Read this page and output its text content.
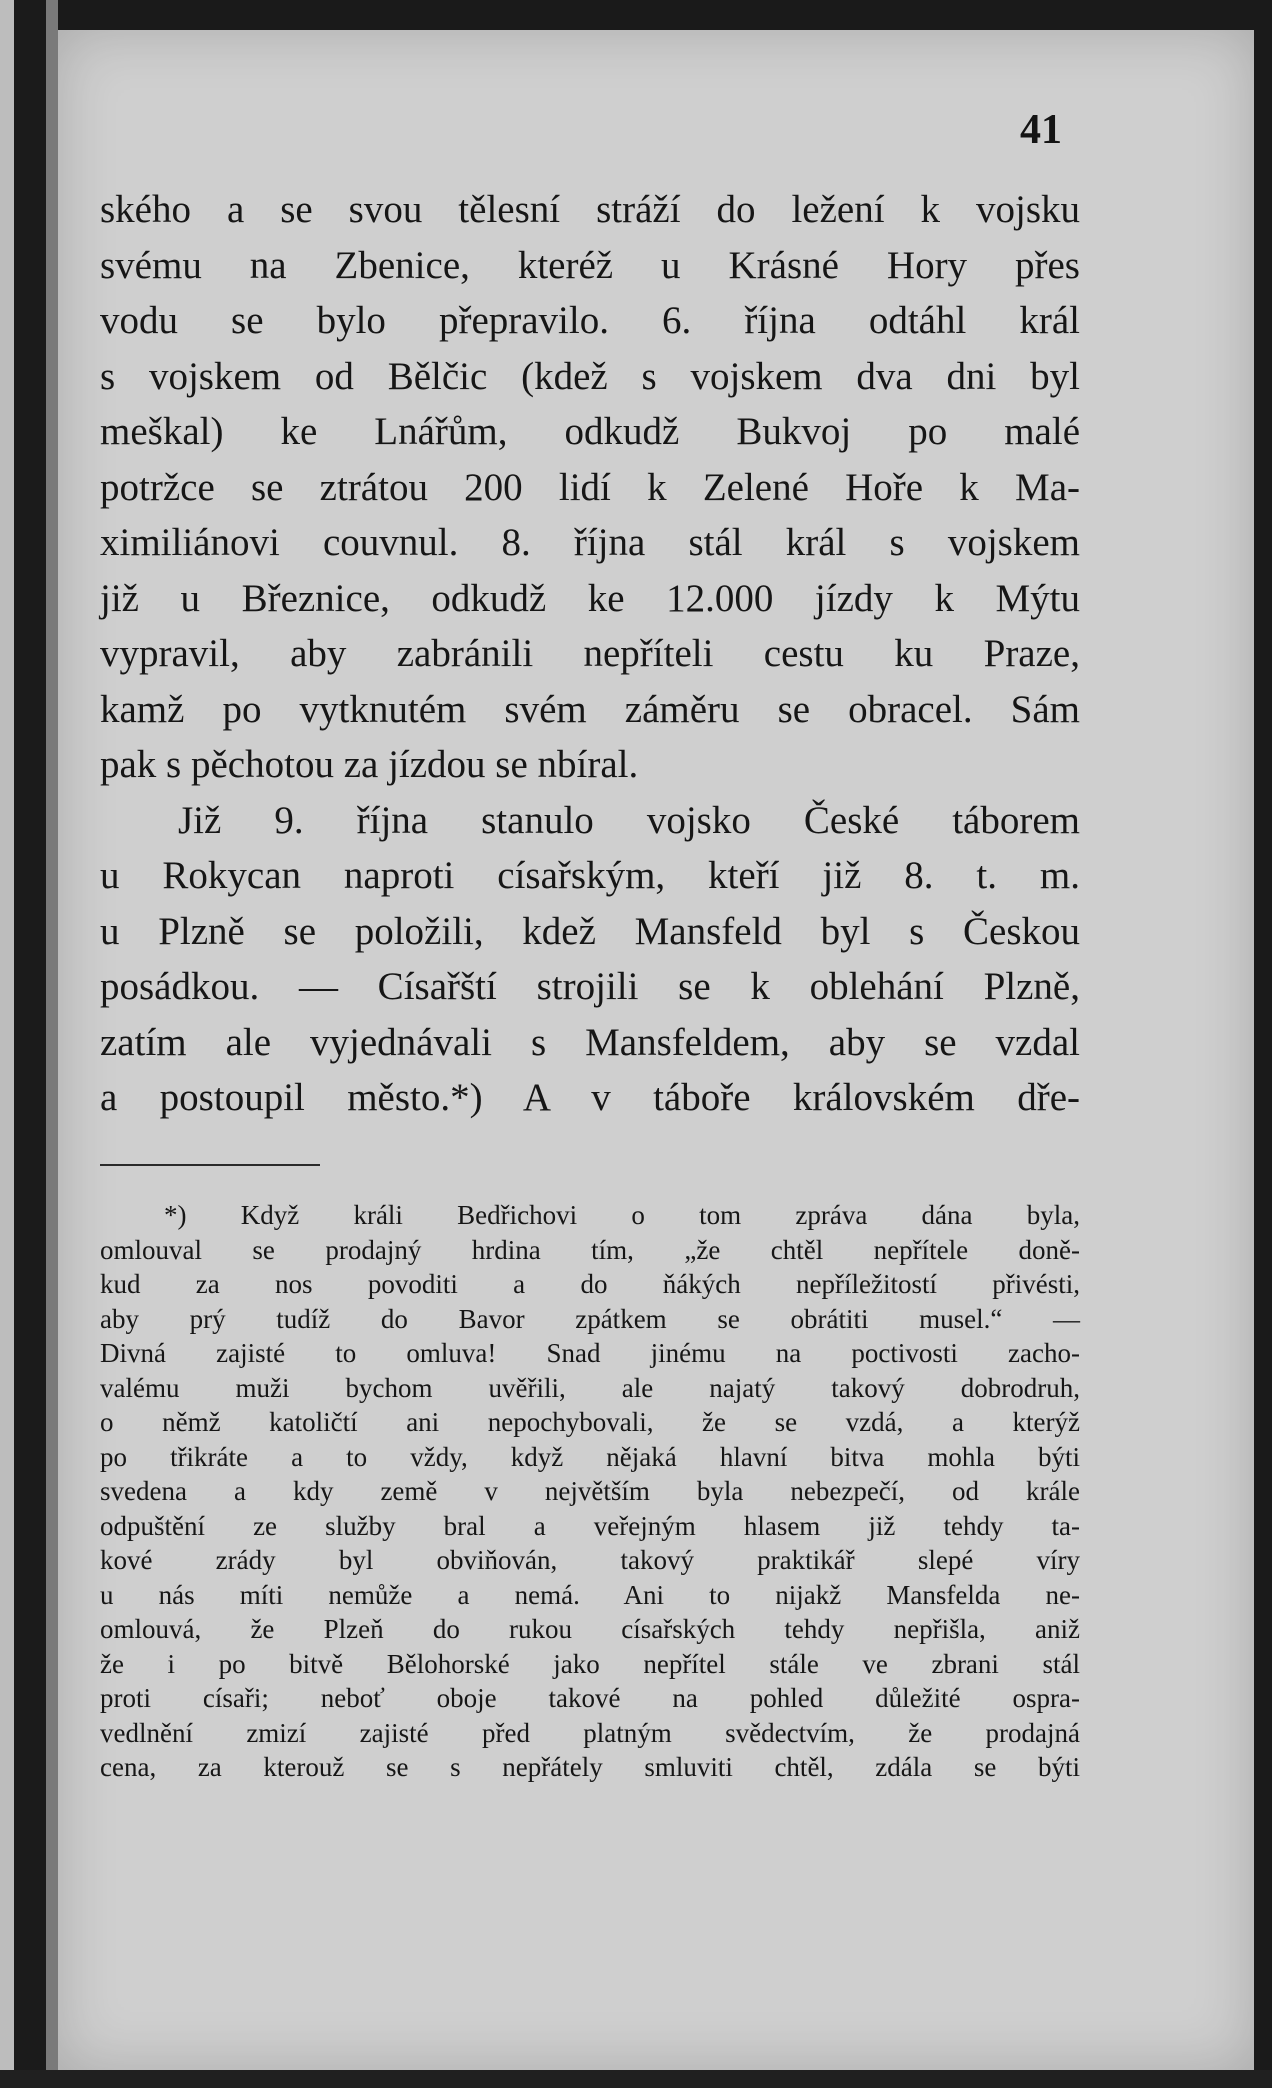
41
ského a se svou tělesní stráží do ležení k vojsku
svému na Zbenice, kteréž u Krásné Hory přes
vodu se bylo přepravilo. 6. října odtáhl král
s vojskem od Bělčic (kdež s vojskem dva dni byl
meškal) ke Lnářům, odkudž Bukvoj po malé
potržce se ztrátou 200 lidí k Zelené Hoře k Ma-
ximiliánovi couvnul. 8. října stál král s vojskem
již u Březnice, odkudž ke 12.000 jízdy k Mýtu
vypravil, aby zabránili nepříteli cestu ku Praze,
kamž po vytknutém svém záměru se obracel. Sám
pak s pěchotou za jízdou se nbíral.
Již 9. října stanulo vojsko České táborem
u Rokycan naproti císařským, kteří již 8. t. m.
u Plzně se položili, kdež Mansfeld byl s Českou
posádkou. — Císařští strojili se k oblehání Plzně,
zatím ale vyjednávali s Mansfeldem, aby se vzdal
a postoupil město.*) A v táboře královském dře-
*) Když králi Bedřichovi o tom zpráva dána byla,
omlouval se prodajný hrdina tím, „že chtěl nepřítele doně-
kud za nos povoditi a do ňákých nepříležitostí přivésti,
aby prý tudíž do Bavor zpátkem se obrátiti musel.“ —
Divná zajisté to omluva! Snad jinému na poctivosti zacho-
valému muži bychom uvěřili, ale najatý takový dobrodruh,
o němž katoličtí ani nepochybovali, že se vzdá, a kterýž
po třikráte a to vždy, když nějaká hlavní bitva mohla býti
svedena a kdy země v největším byla nebezpečí, od krále
odpuštění ze služby bral a veřejným hlasem již tehdy ta-
kové zrády byl obviňován, takový praktikář slepé víry
u nás míti nemůže a nemá. Ani to nijakž Mansfelda ne-
omlouvá, že Plzeň do rukou císařských tehdy nepřišla, aniž
že i po bitvě Bělohorské jako nepřítel stále ve zbrani stál
proti císaři; neboť oboje takové na pohled důležité ospra-
vedlnění zmizí zajisté před platným svědectvím, že prodajná
cena, za kterouž se s nepřátely smluviti chtěl, zdála se býti
